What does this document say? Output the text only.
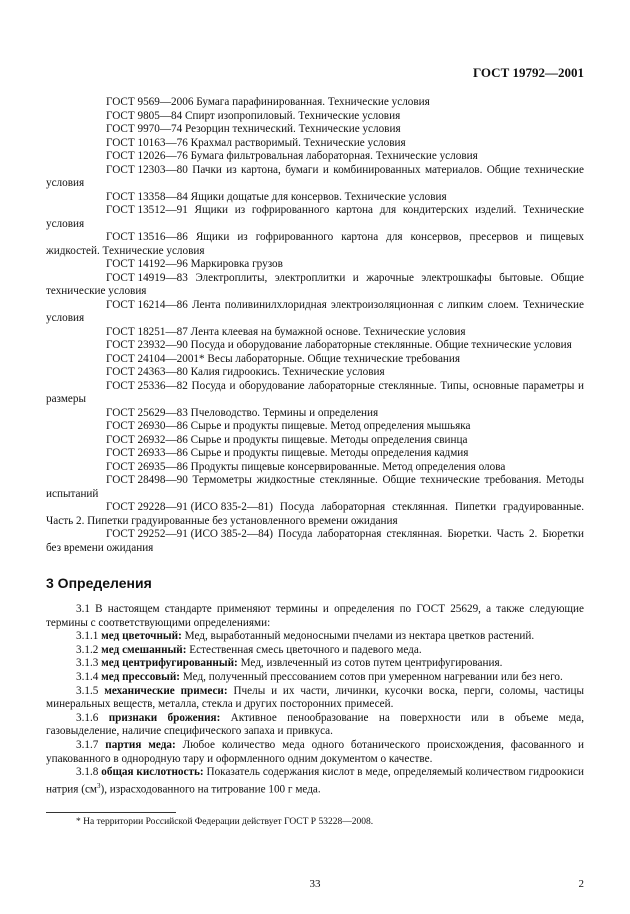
ГОСТ 19792—2001

ГОСТ 9569—2006 Бумага парафинированная. Технические условия

ГОСТ 9805—84 Спирт изопропиловый. Технические условия

ГОСТ 9970—74 Резорцин технический. Технические условия

ГОСТ 10163—76 Крахмал растворимый. Технические условия

ГОСТ 12026—76 Бумага фильтровальная лабораторная. Технические условия

ГОСТ 12303—80 Пачки из картона, бумаги и комбинированных материалов. Общие технические условия

ГОСТ 13358—84 Ящики дощатые для консервов. Технические условия

ГОСТ 13512—91 Ящики из гофрированного картона для кондитерских изделий. Технические условия

ГОСТ 13516—86 Ящики из гофрированного картона для консервов, пресервов и пищевых жидкостей. Технические условия

ГОСТ 14192—96 Маркировка грузов

ГОСТ 14919—83 Электроплиты, электроплитки и жарочные электрошкафы бытовые. Общие технические условия

ГОСТ 16214—86 Лента поливинилхлоридная электроизоляционная с липким слоем. Технические условия

ГОСТ 18251—87 Лента клеевая на бумажной основе. Технические условия

ГОСТ 23932—90 Посуда и оборудование лабораторные стеклянные. Общие технические условия

ГОСТ 24104—2001* Весы лабораторные. Общие технические требования

ГОСТ 24363—80 Калия гидроокись. Технические условия

ГОСТ 25336—82 Посуда и оборудование лабораторные стеклянные. Типы, основные параметры и размеры

ГОСТ 25629—83 Пчеловодство. Термины и определения

ГОСТ 26930—86 Сырье и продукты пищевые. Метод определения мышьяка

ГОСТ 26932—86 Сырье и продукты пищевые. Методы определения свинца

ГОСТ 26933—86 Сырье и продукты пищевые. Методы определения кадмия

ГОСТ 26935—86 Продукты пищевые консервированные. Метод определения олова

ГОСТ 28498—90 Термометры жидкостные стеклянные. Общие технические требования. Методы испытаний

ГОСТ 29228—91 (ИСО 835-2—81) Посуда лабораторная стеклянная. Пипетки градуированные. Часть 2. Пипетки градуированные без установленного времени ожидания

ГОСТ 29252—91 (ИСО 385-2—84) Посуда лабораторная стеклянная. Бюретки. Часть 2. Бюретки без времени ожидания

3 Определения

3.1 В настоящем стандарте применяют термины и определения по ГОСТ 25629, а также следующие термины с соответствующими определениями:

3.1.1 мед цветочный: Мед, выработанный медоносными пчелами из нектара цветков растений.

3.1.2 мед смешанный: Естественная смесь цветочного и падевого меда.

3.1.3 мед центрифугированный: Мед, извлеченный из сотов путем центрифугирования.

3.1.4 мед прессовый: Мед, полученный прессованием сотов при умеренном нагревании или без него.

3.1.5 механические примеси: Пчелы и их части, личинки, кусочки воска, перги, соломы, частицы минеральных веществ, металла, стекла и других посторонних примесей.

3.1.6 признаки брожения: Активное пенообразование на поверхности или в объеме меда, газовыделение, наличие специфического запаха и привкуса.

3.1.7 партия меда: Любое количество меда одного ботанического происхождения, фасованного и упакованного в однородную тару и оформленного одним документом о качестве.

3.1.8 общая кислотность: Показатель содержания кислот в меде, определяемый количеством гидроокиси натрия $(см^3)$, израсходованного на титрование 100 г меда.

* На территории Российской Федерации действует ГОСТ Р 53228—2008.
33	2
